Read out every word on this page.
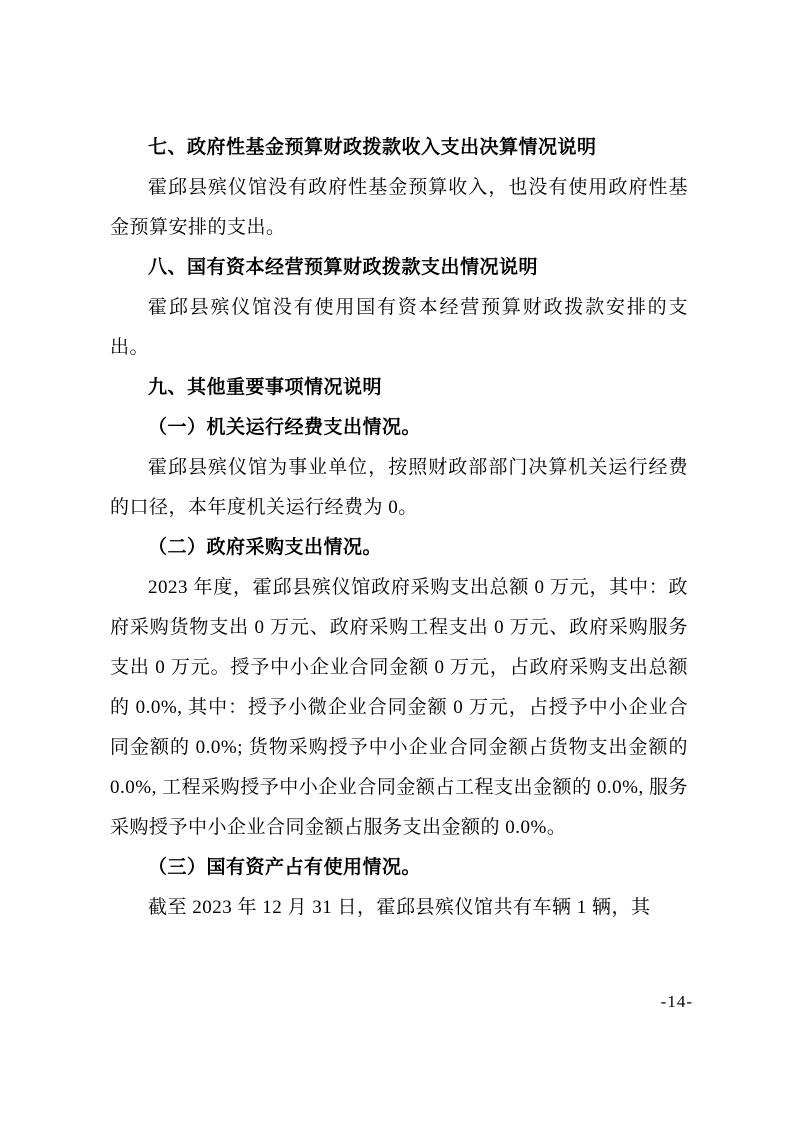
七、政府性基金预算财政拨款收入支出决算情况说明

霍邱县殡仪馆没有政府性基金预算收入，也没有使用政府性基金预算安排的支出。

八、国有资本经营预算财政拨款支出情况说明

霍邱县殡仪馆没有使用国有资本经营预算财政拨款安排的支出。

九、其他重要事项情况说明

（一）机关运行经费支出情况。

霍邱县殡仪馆为事业单位，按照财政部部门决算机关运行经费的口径，本年度机关运行经费为 0。

（二）政府采购支出情况。

2023 年度，霍邱县殡仪馆政府采购支出总额 0 万元，其中：政府采购货物支出 0 万元、政府采购工程支出 0 万元、政府采购服务支出 0 万元。授予中小企业合同金额 0 万元，占政府采购支出总额的 0.0%, 其中：授予小微企业合同金额 0 万元，占授予中小企业合同金额的 0.0%; 货物采购授予中小企业合同金额占货物支出金额的 0.0%, 工程采购授予中小企业合同金额占工程支出金额的 0.0%, 服务采购授予中小企业合同金额占服务支出金额的 0.0%。

（三）国有资产占有使用情况。

截至 2023 年 12 月 31 日，霍邱县殡仪馆共有车辆 1 辆，其

-14-
